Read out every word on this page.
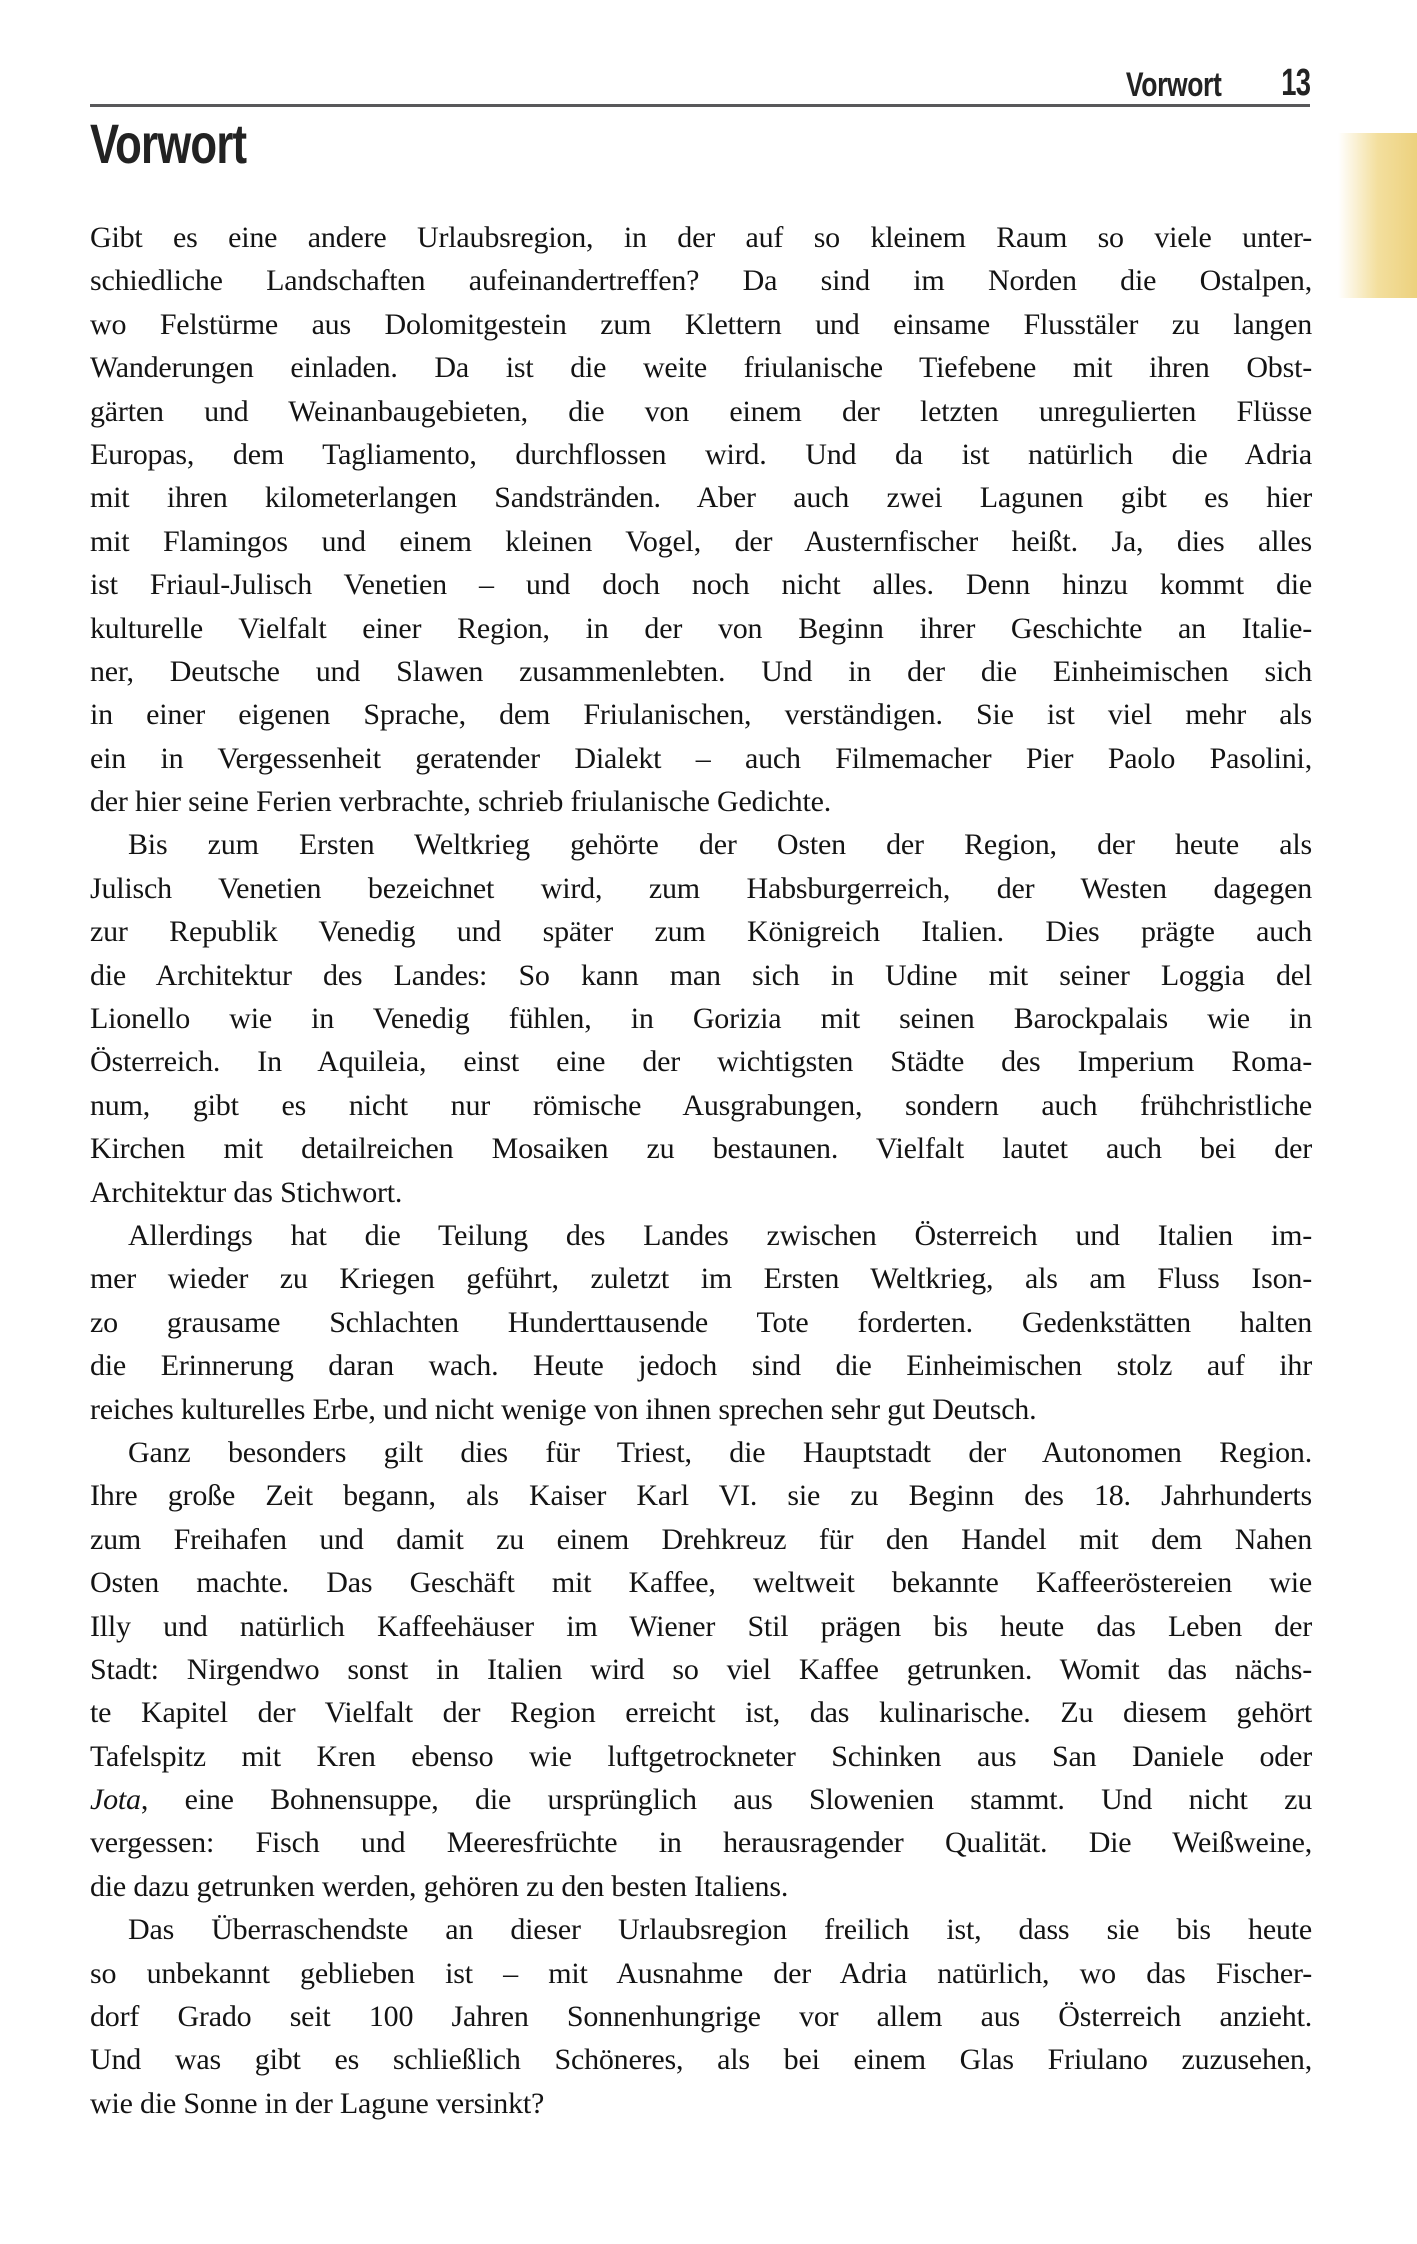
Vorwort 13
Vorwort
Gibt es eine andere Urlaubsregion, in der auf so kleinem Raum so viele unter-
schiedliche Landschaften aufeinandertreffen? Da sind im Norden die Ostalpen,
wo Felstürme aus Dolomitgestein zum Klettern und einsame Flusstäler zu langen
Wanderungen einladen. Da ist die weite friulanische Tiefebene mit ihren Obst-
gärten und Weinanbaugebieten, die von einem der letzten unregulierten Flüsse
Europas, dem Tagliamento, durchflossen wird. Und da ist natürlich die Adria
mit ihren kilometerlangen Sandstränden. Aber auch zwei Lagunen gibt es hier
mit Flamingos und einem kleinen Vogel, der Austernfischer heißt. Ja, dies alles
ist Friaul-Julisch Venetien – und doch noch nicht alles. Denn hinzu kommt die
kulturelle Vielfalt einer Region, in der von Beginn ihrer Geschichte an Italie-
ner, Deutsche und Slawen zusammenlebten. Und in der die Einheimischen sich
in einer eigenen Sprache, dem Friulanischen, verständigen. Sie ist viel mehr als
ein in Vergessenheit geratender Dialekt – auch Filmemacher Pier Paolo Pasolini,
der hier seine Ferien verbrachte, schrieb friulanische Gedichte.
Bis zum Ersten Weltkrieg gehörte der Osten der Region, der heute als
Julisch Venetien bezeichnet wird, zum Habsburgerreich, der Westen dagegen
zur Republik Venedig und später zum Königreich Italien. Dies prägte auch
die Architektur des Landes: So kann man sich in Udine mit seiner Loggia del
Lionello wie in Venedig fühlen, in Gorizia mit seinen Barockpalais wie in
Österreich. In Aquileia, einst eine der wichtigsten Städte des Imperium Roma-
num, gibt es nicht nur römische Ausgrabungen, sondern auch frühchristliche
Kirchen mit detailreichen Mosaiken zu bestaunen. Vielfalt lautet auch bei der
Architektur das Stichwort.
Allerdings hat die Teilung des Landes zwischen Österreich und Italien im-
mer wieder zu Kriegen geführt, zuletzt im Ersten Weltkrieg, als am Fluss Ison-
zo grausame Schlachten Hunderttausende Tote forderten. Gedenkstätten halten
die Erinnerung daran wach. Heute jedoch sind die Einheimischen stolz auf ihr
reiches kulturelles Erbe, und nicht wenige von ihnen sprechen sehr gut Deutsch.
Ganz besonders gilt dies für Triest, die Hauptstadt der Autonomen Region.
Ihre große Zeit begann, als Kaiser Karl VI. sie zu Beginn des 18. Jahrhunderts
zum Freihafen und damit zu einem Drehkreuz für den Handel mit dem Nahen
Osten machte. Das Geschäft mit Kaffee, weltweit bekannte Kaffeeröstereien wie
Illy und natürlich Kaffeehäuser im Wiener Stil prägen bis heute das Leben der
Stadt: Nirgendwo sonst in Italien wird so viel Kaffee getrunken. Womit das nächs-
te Kapitel der Vielfalt der Region erreicht ist, das kulinarische. Zu diesem gehört
Tafelspitz mit Kren ebenso wie luftgetrockneter Schinken aus San Daniele oder
Jota, eine Bohnensuppe, die ursprünglich aus Slowenien stammt. Und nicht zu
vergessen: Fisch und Meeresfrüchte in herausragender Qualität. Die Weißweine,
die dazu getrunken werden, gehören zu den besten Italiens.
Das Überraschendste an dieser Urlaubsregion freilich ist, dass sie bis heute
so unbekannt geblieben ist – mit Ausnahme der Adria natürlich, wo das Fischer-
dorf Grado seit 100 Jahren Sonnenhungrige vor allem aus Österreich anzieht.
Und was gibt es schließlich Schöneres, als bei einem Glas Friulano zuzusehen,
wie die Sonne in der Lagune versinkt?
